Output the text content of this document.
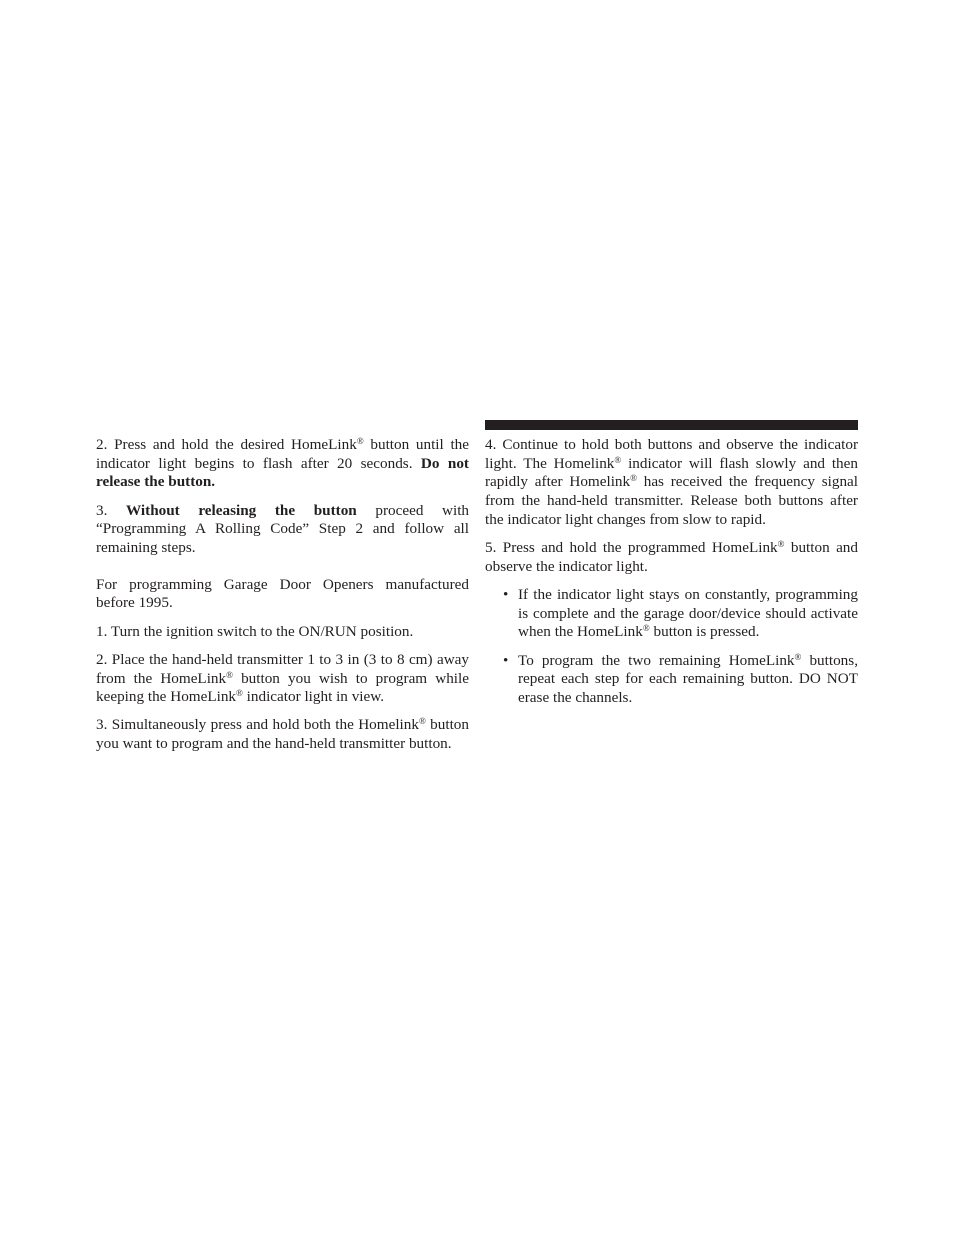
2. Press and hold the desired HomeLink® button until the indicator light begins to flash after 20 seconds. Do not release the button.

3. Without releasing the button proceed with “Programming A Rolling Code” Step 2 and follow all remaining steps.

For programming Garage Door Openers manufactured before 1995.

1. Turn the ignition switch to the ON/RUN position.

2. Place the hand-held transmitter 1 to 3 in (3 to 8 cm) away from the HomeLink® button you wish to program while keeping the HomeLink® indicator light in view.

3. Simultaneously press and hold both the Homelink® button you want to program and the hand-held transmitter button.

4. Continue to hold both buttons and observe the indicator light. The Homelink® indicator will flash slowly and then rapidly after Homelink® has received the frequency signal from the hand-held transmitter. Release both buttons after the indicator light changes from slow to rapid.

5. Press and hold the programmed HomeLink® button and observe the indicator light.

• If the indicator light stays on constantly, programming is complete and the garage door/device should activate when the HomeLink® button is pressed.
• To program the two remaining HomeLink® buttons, repeat each step for each remaining button. DO NOT erase the channels.
